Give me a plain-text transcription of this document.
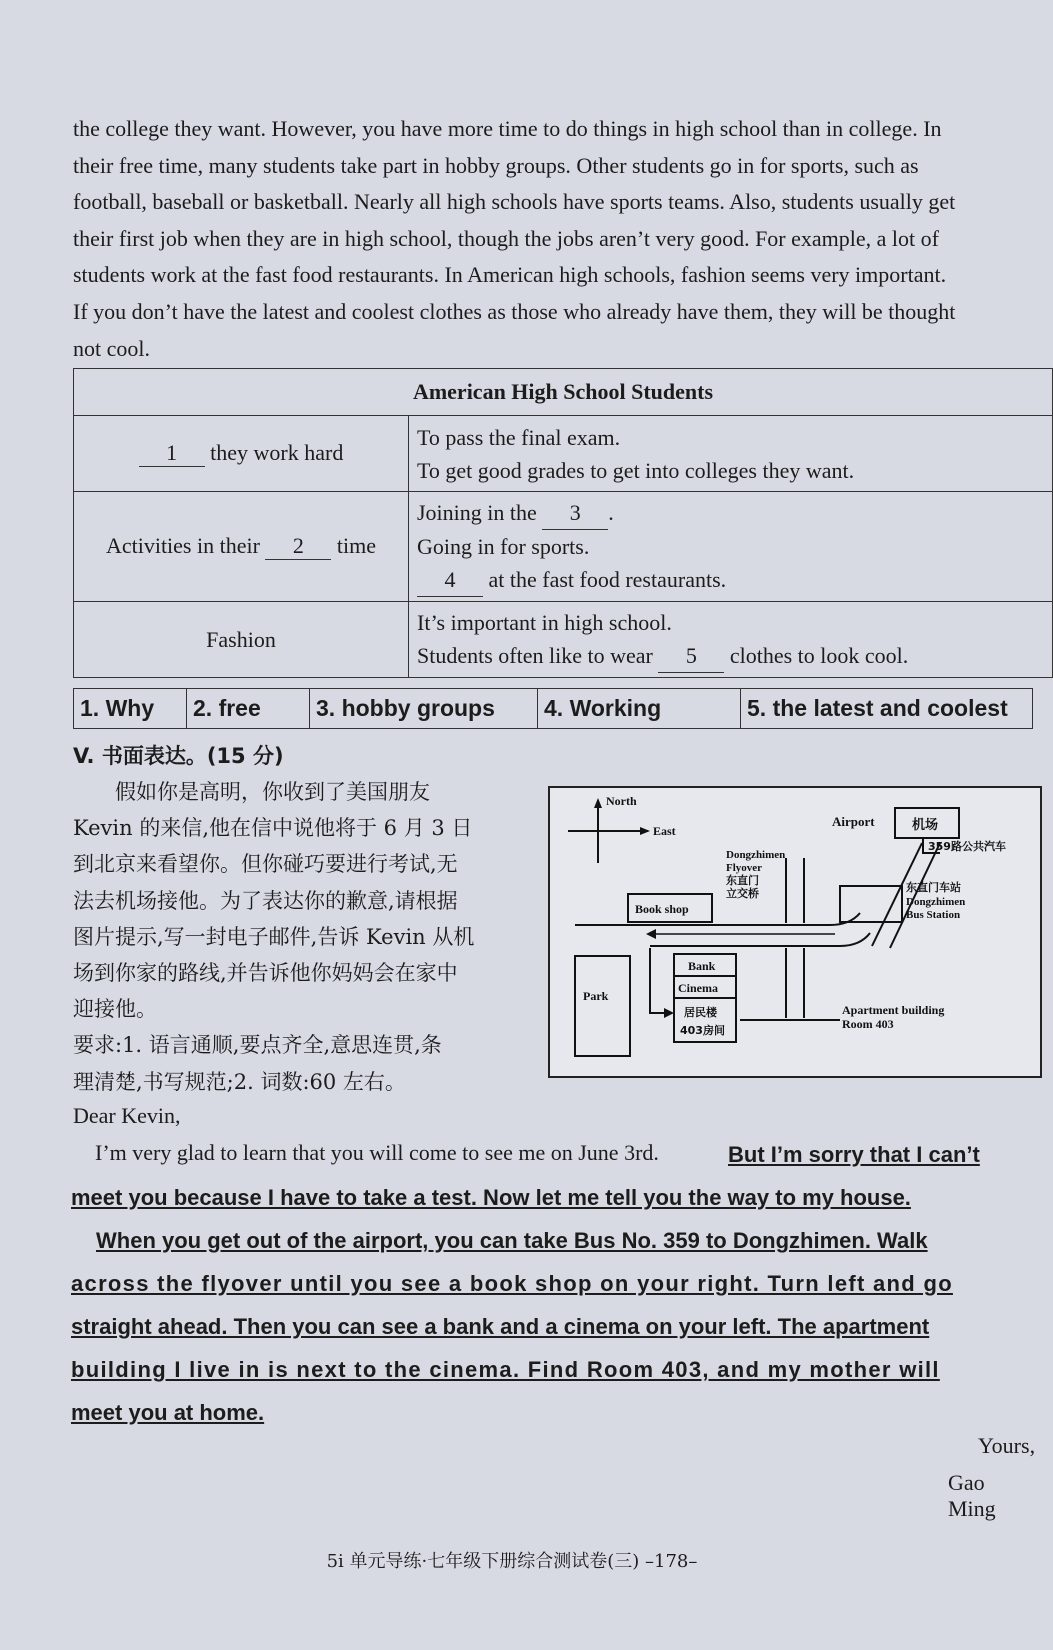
the college they want. However, you have more time to do things in high school than in college. In
their free time, many students take part in hobby groups. Other students go in for sports, such as
football, baseball or basketball. Nearly all high schools have sports teams. Also, students usually get
their first job when they are in high school, though the jobs aren’t very good. For example, a lot of
students work at the fast food restaurants. In American high schools, fashion seems very important.
If you don’t have the latest and coolest clothes as those who already have them, they will be thought
not cool.
American High School Students	
1 they work hard	To pass the final exam.
To get good grades to get into colleges they want.

Activities in their 2 time	Joining in the 3 .
Going in for sports.
4 at the fast food restaurants.

Fashion	It’s important in high school.
Students often like to wear 5 clothes to look cool.
1. Why	2. free	3. hobby groups	4. Working	5. the latest and coolest
V. 书面表达。(15 分)
　　假如你是高明，你收到了美国朋友
Kevin 的来信,他在信中说他将于 6 月 3 日
到北京来看望你。但你碰巧要进行考试,无
法去机场接他。为了表达你的歉意,请根据
图片提示,写一封电子邮件,告诉 Kevin 从机
场到你家的路线,并告诉他你妈妈会在家中
迎接他。
要求:1. 语言通顺,要点齐全,意思连贯,条
理清楚,书写规范;2. 词数:60 左右。
North
East
Airport	机场
359路公共汽车
东直门车站
Dongzhimen
Bus Station
Dongzhimen
Flyover
东直门
立交桥
Book shop
Park
Bank
Cinema
居民楼
403房间
Apartment building
Room 403
Dear Kevin,
I’m very glad to learn that you will come to see me on June 3rd.	But I’m sorry that I can’t
meet you because I have to take a test. Now let me tell you the way to my house.
When you get out of the airport, you can take Bus No. 359 to Dongzhimen. Walk
across the flyover until you see a book shop on your right. Turn left and go
straight ahead. Then you can see a bank and a cinema on your left. The apartment
building I live in is next to the cinema. Find Room 403, and my mother will
meet you at home.
Yours,
Gao Ming
5i 单元导练·七年级下册综合测试卷(三) –178–
